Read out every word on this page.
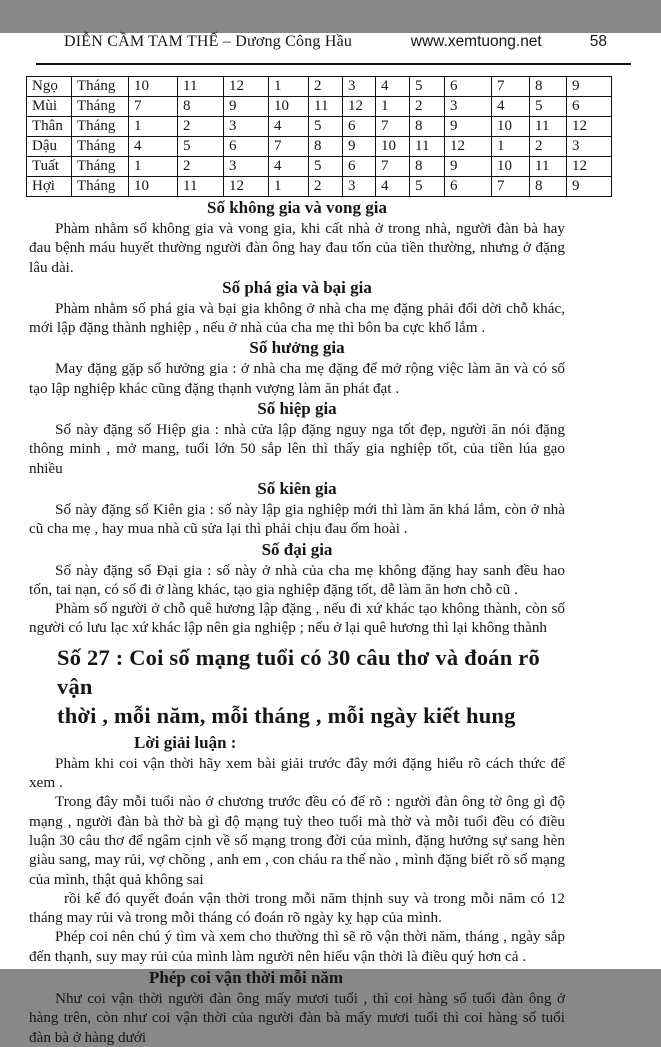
DIỄN CẦM TAM THẾ – Dương Công Hầu	www.xemtuong.net	58
Ngọ	Tháng	10	11	12	1	2	3	4	5	6	7	8	9
Mùi	Tháng	7	8	9	10	11	12	1	2	3	4	5	6
Thân	Tháng	1	2	3	4	5	6	7	8	9	10	11	12
Dậu	Tháng	4	5	6	7	8	9	10	11	12	1	2	3
Tuất	Tháng	1	2	3	4	5	6	7	8	9	10	11	12
Hợi	Tháng	10	11	12	1	2	3	4	5	6	7	8	9
Số không gia và vong gia

Phàm nhằm số không gia và vong gia, khi cất nhà ở trong nhà, người đàn bà hay đau bệnh máu huyết thường người đàn ông hay đau tốn của tiền thường, nhưng ở đặng lâu dài.

Số phá gia và bại gia

Phàm nhằm số phá gia và bại gia không ở nhà cha mẹ đặng phải đổi dời chỗ khác, mới lập đặng thành nghiệp , nếu ở nhà của cha mẹ thì bôn ba cực khổ lắm .

Số hưởng gia

May đặng gặp số hưởng gia : ở nhà cha mẹ đặng để mở rộng việc làm ăn và có số tạo lập nghiệp khác cũng đặng thạnh vượng làm ăn phát đạt .

Số hiệp gia

Số này đặng số Hiệp gia : nhà cửa lập đặng nguy nga tốt đẹp, người ăn nói đặng thông minh , mở mang, tuổi lớn 50 sắp lên thì thấy gia nghiệp tốt, của tiền lúa gạo nhiều

Số kiên gia

Số này đặng số Kiên gia : số này lập gia nghiệp mới thì làm ăn khá lắm, còn ở nhà cũ cha mẹ , hay mua nhà cũ sửa lại thì phải chịu đau ốm hoài .

Số đại gia

Số này đặng số Đại gia : số này ở nhà của cha mẹ không đặng hay sanh đều hao tốn, tai nạn, có số đi ở làng khác, tạo gia nghiệp đặng tốt, dễ làm ăn hơn chỗ cũ .

Phàm số người ở chỗ quê hương lập đặng , nếu đi xứ khác tạo không thành, còn số người có lưu lạc xứ khác lập nên gia nghiệp ; nếu ở lại quê hương thì lại không thành

Số 27 : Coi số mạng tuổi có 30 câu thơ và đoán rõ vận
thời , mỗi năm, mỗi tháng , mỗi ngày kiết hung
Lời giải luận :

Phàm khi coi vận thời hãy xem bài giải trước đây mới đặng hiểu rõ cách thức để xem .

Trong đây mỗi tuổi nào ở chương trước đều có để rõ : người đàn ông tờ ông gì độ mạng , người đàn bà thờ bà gì độ mạng tuỳ theo tuổi mà thờ và mỗi tuổi đều có điều luận 30 câu thơ để ngâm cịnh về số mạng trong đời của mình, đặng hưởng sự sang hèn giàu sang, may rủi, vợ chồng , anh em , con cháu ra thế nào , mình đặng biết rõ số mạng của mình, thật quả không sai

rồi kế đó quyết đoán vận thời trong mỗi năm thịnh suy và trong mỗi năm có 12 tháng may rủi và trong mỗi tháng có đoán rõ ngày kỵ hạp của mình.

Phép coi nên chú ý tìm và xem cho thường thì sẽ rõ vận thời năm, tháng , ngày sắp đến thạnh, suy may rủi của mình làm người nên hiểu vận thời là điều quý hơn cả .

Phép coi vận thời mỗi năm

Như coi vận thời người đàn ông mấy mươi tuổi , thì coi hàng số tuổi đàn ông ở hàng trên, còn như coi vận thời của người đàn bà mấy mươi tuổi thì coi hàng số tuổi đàn bà ở hàng dưới
